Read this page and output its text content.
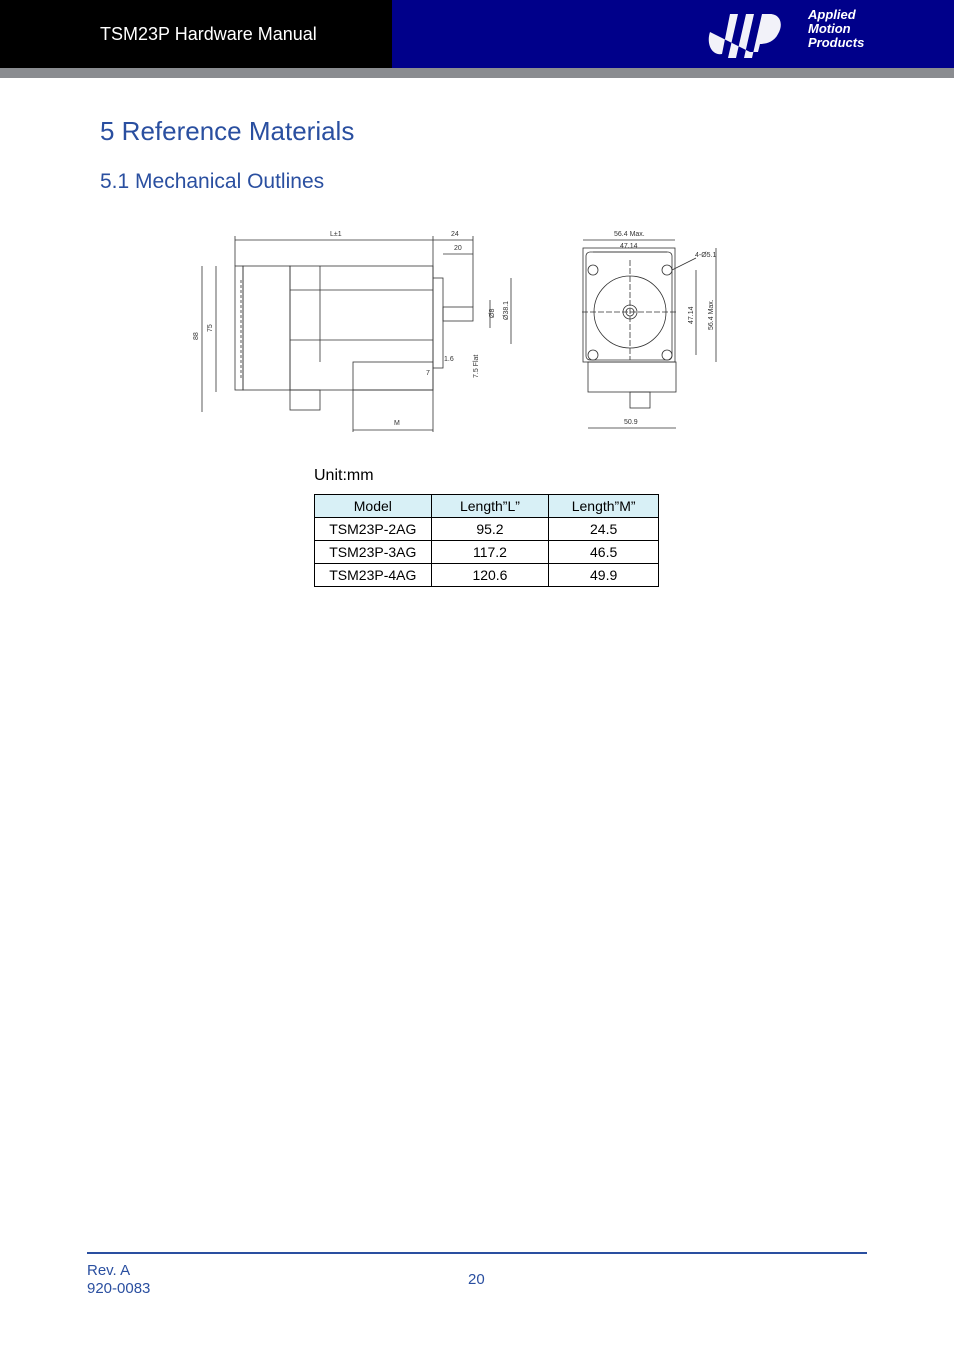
TSM23P Hardware Manual
Applied
Motion
Products
5 Reference Materials
5.1 Mechanical Outlines
L±1	24
20
88
75
1.6
7
Ø8 Ø38.1
7.5 Flat
M
56.4 Max.
47.14
4-Ø5.1
47.14 56.4 Max.
50.9
Unit:mm
Model	Length”L”	Length”M”
TSM23P-2AG	95.2	24.5
TSM23P-3AG	117.2	46.5
TSM23P-4AG	120.6	49.9
Rev. A
920-0083
20
